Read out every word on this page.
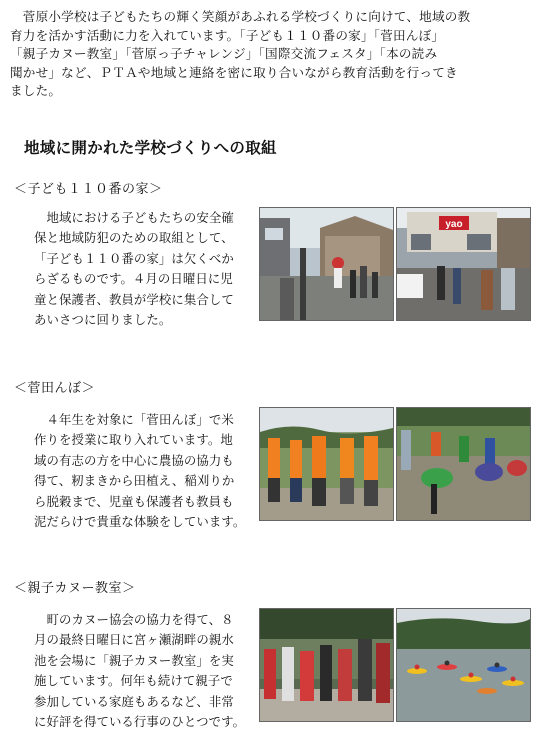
　菅原小学校は子どもたちの輝く笑顔があふれる学校づくりに向けて、地域の教
育力を活かす活動に力を入れています。「子ども１１０番の家」「菅田んぼ」
「親子カヌー教室」「菅原っ子チャレンジ」「国際交流フェスタ」「本の読み
聞かせ」など、ＰＴＡや地域と連絡を密に取り合いながら教育活動を行ってき
ました。
地域に開かれた学校づくりへの取組
＜子ども１１０番の家＞
　地域における子どもたちの安全確
保と地域防犯のための取組として、
「子ども１１０番の家」は欠くべか
らざるものです。４月の日曜日に児
童と保護者、教員が学校に集合して
あいさつに回りました。
yao
＜菅田んぼ＞
　４年生を対象に「菅田んぼ」で米
作りを授業に取り入れています。地
域の有志の方を中心に農協の協力も
得て、籾まきから田植え、稲刈りか
ら脱穀まで、児童も保護者も教員も
泥だらけで貴重な体験をしています。
＜親子カヌー教室＞
　町のカヌー協会の協力を得て、８
月の最終日曜日に宮ヶ瀬湖畔の親水
池を会場に「親子カヌー教室」を実
施しています。何年も続けて親子で
参加している家庭もあるなど、非常
に好評を得ている行事のひとつです。
